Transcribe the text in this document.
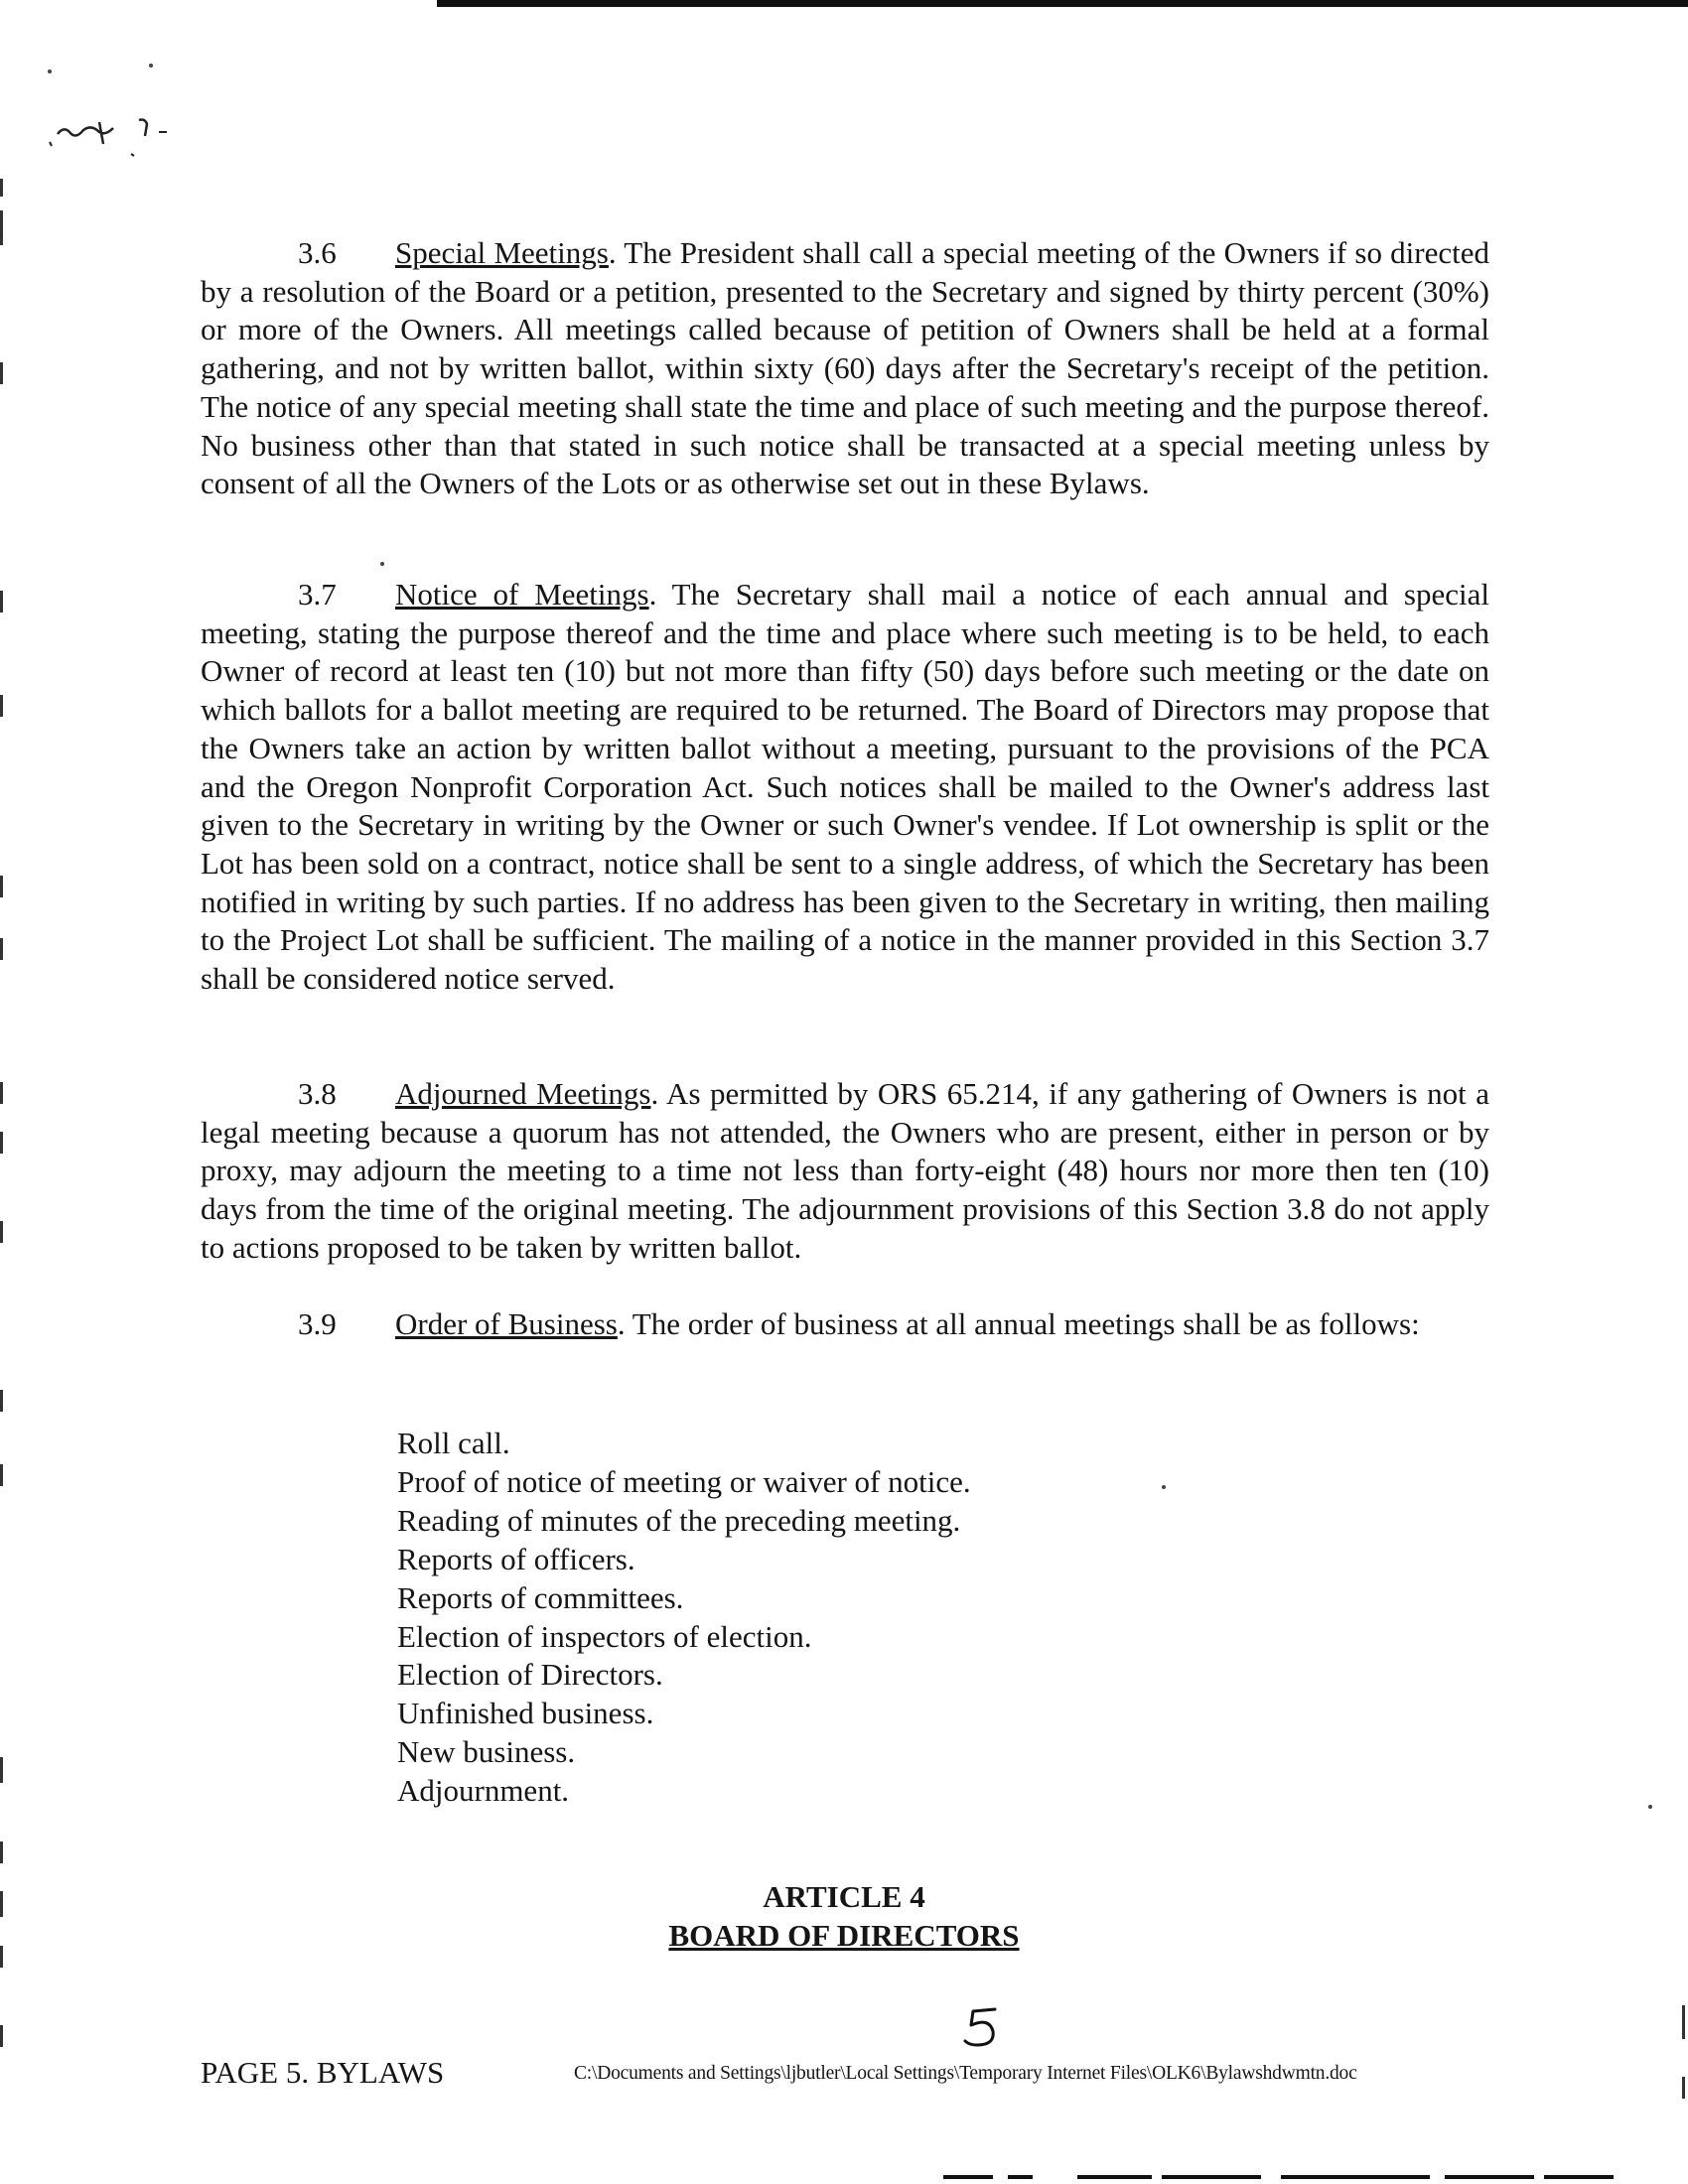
3.6 Special Meetings. The President shall call a special meeting of the Owners if so directed by a resolution of the Board or a petition, presented to the Secretary and signed by thirty percent (30%) or more of the Owners. All meetings called because of petition of Owners shall be held at a formal gathering, and not by written ballot, within sixty (60) days after the Secretary's receipt of the petition. The notice of any special meeting shall state the time and place of such meeting and the purpose thereof. No business other than that stated in such notice shall be transacted at a special meeting unless by consent of all the Owners of the Lots or as otherwise set out in these Bylaws.

3.7 Notice of Meetings. The Secretary shall mail a notice of each annual and special meeting, stating the purpose thereof and the time and place where such meeting is to be held, to each Owner of record at least ten (10) but not more than fifty (50) days before such meeting or the date on which ballots for a ballot meeting are required to be returned. The Board of Directors may propose that the Owners take an action by written ballot without a meeting, pursuant to the provisions of the PCA and the Oregon Nonprofit Corporation Act. Such notices shall be mailed to the Owner's address last given to the Secretary in writing by the Owner or such Owner's vendee. If Lot ownership is split or the Lot has been sold on a contract, notice shall be sent to a single address, of which the Secretary has been notified in writing by such parties. If no address has been given to the Secretary in writing, then mailing to the Project Lot shall be sufficient. The mailing of a notice in the manner provided in this Section 3.7 shall be considered notice served.

3.8 Adjourned Meetings. As permitted by ORS 65.214, if any gathering of Owners is not a legal meeting because a quorum has not attended, the Owners who are present, either in person or by proxy, may adjourn the meeting to a time not less than forty-eight (48) hours nor more then ten (10) days from the time of the original meeting. The adjournment provisions of this Section 3.8 do not apply to actions proposed to be taken by written ballot.

3.9 Order of Business. The order of business at all annual meetings shall be as follows:

Roll call.
Proof of notice of meeting or waiver of notice.
Reading of minutes of the preceding meeting.
Reports of officers.
Reports of committees.
Election of inspectors of election.
Election of Directors.
Unfinished business.
New business.
Adjournment.

ARTICLE 4

BOARD OF DIRECTORS

PAGE 5. BYLAWS	C:\Documents and Settings\ljbutler\Local Settings\Temporary Internet Files\OLK6\Bylawshdwmtn.doc
